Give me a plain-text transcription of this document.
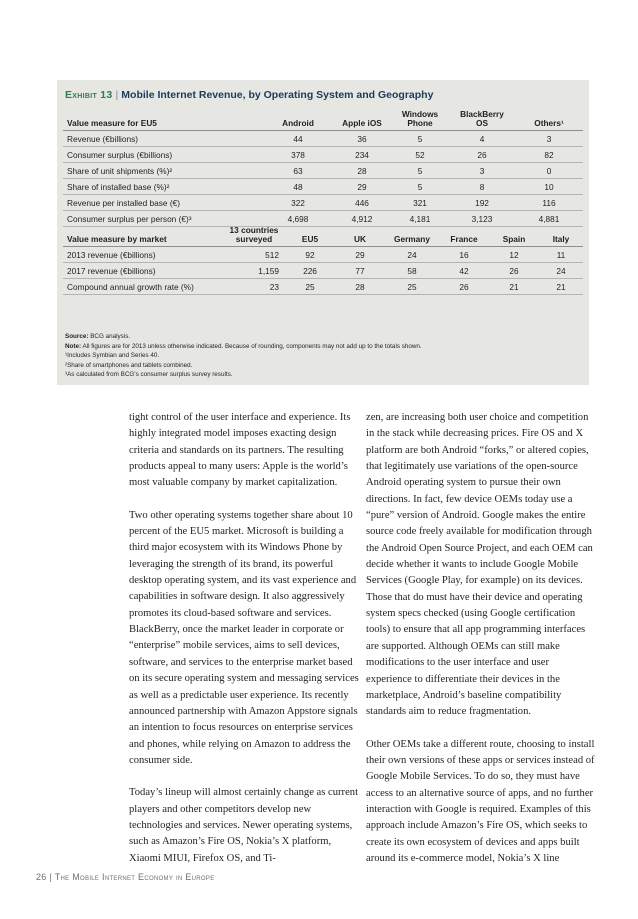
Exhibit 13 | Mobile Internet Revenue, by Operating System and Geography
Value measure for EU5	Android	Apple iOS	Windows Phone	BlackBerry OS	Others¹
Revenue (€billions)	44	36	5	4	3
Consumer surplus (€billions)	378	234	52	26	82
Share of unit shipments (%)²	63	28	5	3	0
Share of installed base (%)²	48	29	5	8	10
Revenue per installed base (€)	322	446	321	192	116
Consumer surplus per person (€)³	4,698	4,912	4,181	3,123	4,881
Value measure by market	13 countries surveyed	EU5	UK	Germany	France	Spain	Italy
2013 revenue (€billions)	512	92	29	24	16	12	11
2017 revenue (€billions)	1,159	226	77	58	42	26	24
Compound annual growth rate (%)	23	25	28	25	26	21	21
Source: BCG analysis.
Note: All figures are for 2013 unless otherwise indicated. Because of rounding, components may not add up to the totals shown.
¹Includes Symbian and Series 40.
²Share of smartphones and tablets combined.
³As calculated from BCG’s consumer surplus survey results.

tight control of the user interface and experience. Its highly integrated model imposes exacting design criteria and standards on its partners. The resulting products appeal to many users: Apple is the world’s most valuable company by market capitalization.

Two other operating systems together share about 10 percent of the EU5 market. Microsoft is building a third major ecosystem with its Windows Phone by leveraging the strength of its brand, its powerful desktop operating system, and its vast experience and capabilities in software design. It also aggressively promotes its cloud-based software and services. BlackBerry, once the market leader in corporate or “enterprise” mobile services, aims to sell devices, software, and services to the enterprise market based on its secure operating system and messaging services as well as a predictable user experience. Its recently announced partnership with Amazon Appstore signals an intention to focus resources on enterprise services and phones, while relying on Amazon to address the consumer side.

Today’s lineup will almost certainly change as current players and other competitors develop new technologies and services. Newer operating systems, such as Amazon’s Fire OS, Nokia’s X platform, Xiaomi MIUI, Firefox OS, and Ti-

zen, are increasing both user choice and competition in the stack while decreasing prices. Fire OS and X platform are both Android “forks,” or altered copies, that legitimately use variations of the open-source Android operating system to pursue their own directions. In fact, few device OEMs today use a “pure” version of Android. Google makes the entire source code freely available for modification through the Android Open Source Project, and each OEM can decide whether it wants to include Google Mobile Services (Google Play, for example) on its devices. Those that do must have their device and operating system specs checked (using Google certification tools) to ensure that all app programming interfaces are supported. Although OEMs can still make modifications to the user interface and user experience to differentiate their devices in the marketplace, Android’s baseline compatibility standards aim to reduce fragmentation.

Other OEMs take a different route, choosing to install their own versions of these apps or services instead of Google Mobile Services. To do so, they must have access to an alternative source of apps, and no further interaction with Google is required. Examples of this approach include Amazon’s Fire OS, which seeks to create its own ecosystem of devices and apps built around its e-commerce model, Nokia’s X line

26 | The Mobile Internet Economy in Europe
